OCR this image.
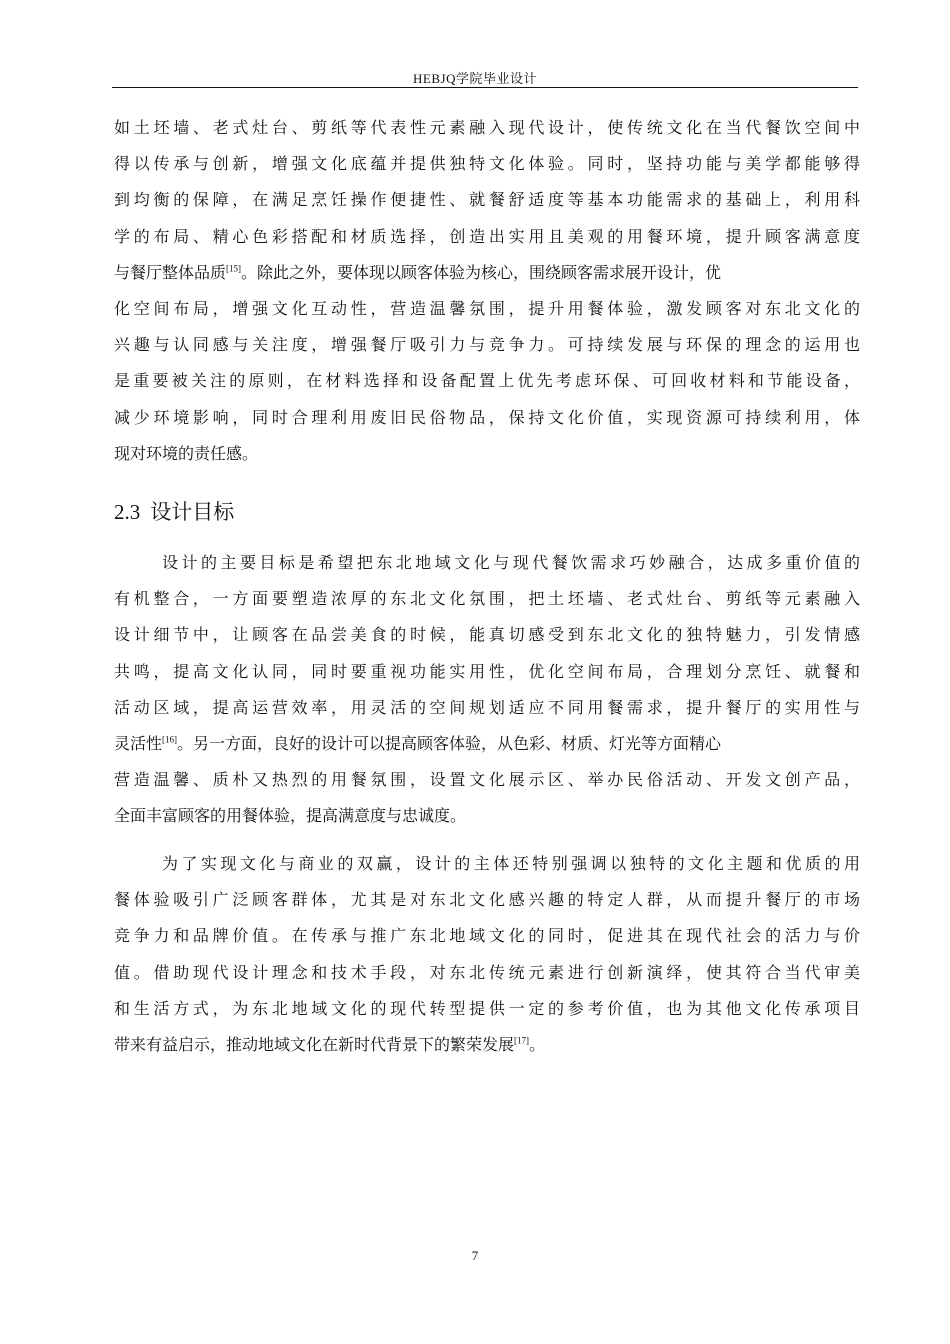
HEBJQ学院毕业设计
如土坯墙、老式灶台、剪纸等代表性元素融入现代设计，使传统文化在当代餐饮空间中
得以传承与创新，增强文化底蕴并提供独特文化体验。同时，坚持功能与美学都能够得
到均衡的保障，在满足烹饪操作便捷性、就餐舒适度等基本功能需求的基础上，利用科
学的布局、精心色彩搭配和材质选择，创造出实用且美观的用餐环境，提升顾客满意度
与餐厅整体品质[15]。除此之外，要体现以顾客体验为核心，围绕顾客需求展开设计，优
化空间布局，增强文化互动性，营造温馨氛围，提升用餐体验，激发顾客对东北文化的
兴趣与认同感与关注度，增强餐厅吸引力与竞争力。可持续发展与环保的理念的运用也
是重要被关注的原则，在材料选择和设备配置上优先考虑环保、可回收材料和节能设备，
减少环境影响，同时合理利用废旧民俗物品，保持文化价值，实现资源可持续利用，体
现对环境的责任感。
2.3 设计目标
设计的主要目标是希望把东北地域文化与现代餐饮需求巧妙融合，达成多重价值的
有机整合，一方面要塑造浓厚的东北文化氛围，把土坯墙、老式灶台、剪纸等元素融入
设计细节中，让顾客在品尝美食的时候，能真切感受到东北文化的独特魅力，引发情感
共鸣，提高文化认同，同时要重视功能实用性，优化空间布局，合理划分烹饪、就餐和
活动区域，提高运营效率，用灵活的空间规划适应不同用餐需求，提升餐厅的实用性与
灵活性[16]。另一方面，良好的设计可以提高顾客体验，从色彩、材质、灯光等方面精心
营造温馨、质朴又热烈的用餐氛围，设置文化展示区、举办民俗活动、开发文创产品，
全面丰富顾客的用餐体验，提高满意度与忠诚度。
为了实现文化与商业的双赢，设计的主体还特别强调以独特的文化主题和优质的用
餐体验吸引广泛顾客群体，尤其是对东北文化感兴趣的特定人群，从而提升餐厅的市场
竞争力和品牌价值。在传承与推广东北地域文化的同时，促进其在现代社会的活力与价
值。借助现代设计理念和技术手段，对东北传统元素进行创新演绎，使其符合当代审美
和生活方式，为东北地域文化的现代转型提供一定的参考价值，也为其他文化传承项目
带来有益启示，推动地域文化在新时代背景下的繁荣发展[17]。
7
